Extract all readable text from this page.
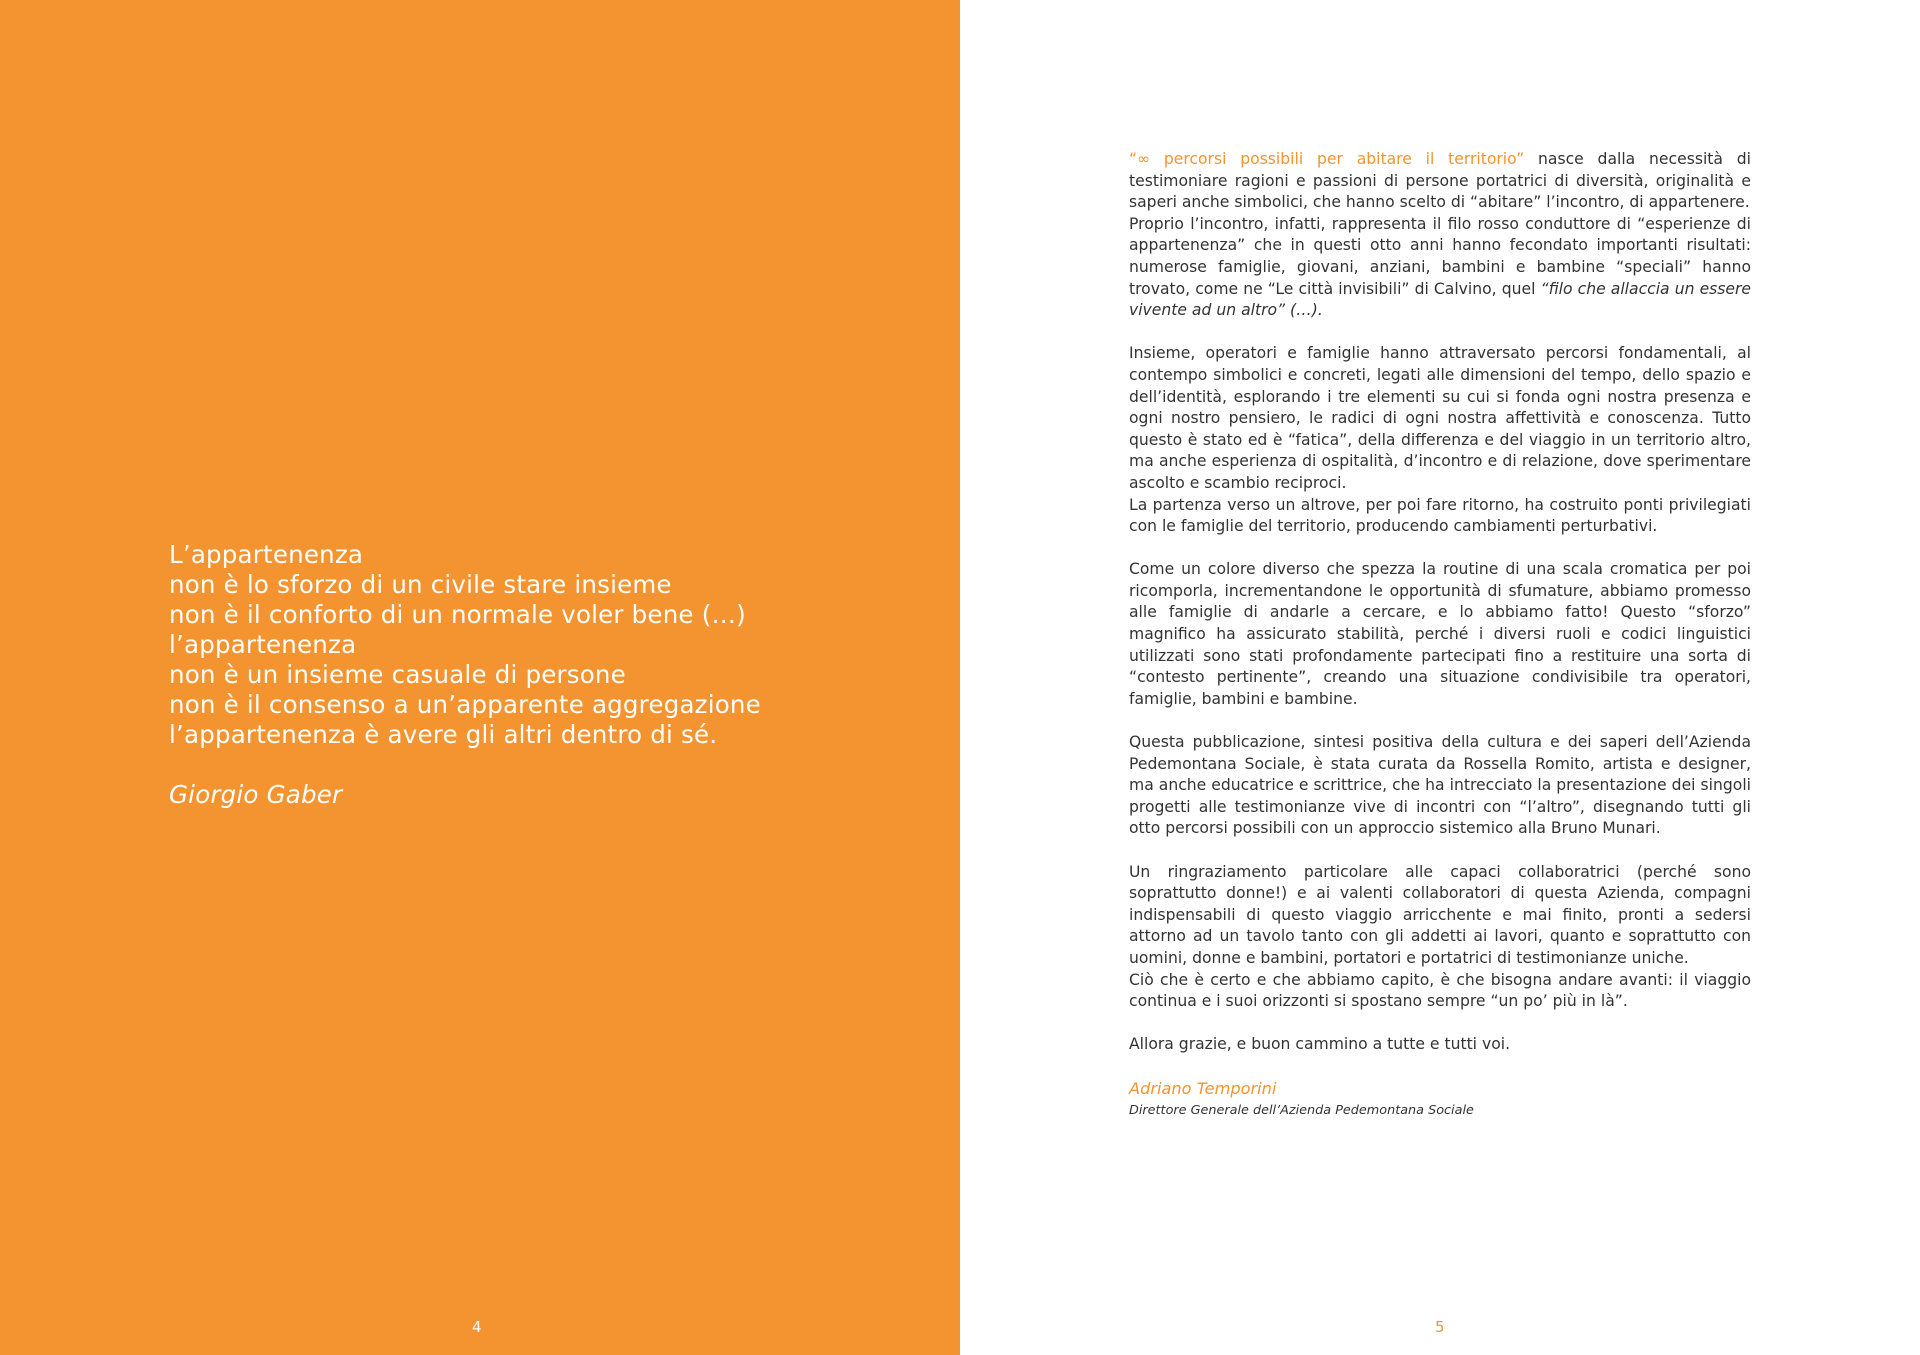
L’appartenenza
non è lo sforzo di un civile stare insieme
non è il conforto di un normale voler bene (…)
l’appartenenza
non è un insieme casuale di persone
non è il consenso a un’apparente aggregazione
l’appartenenza è avere gli altri dentro di sé.
Giorgio Gaber
4	5

“∞ percorsi possibili per abitare il territorio” nasce dalla necessità di testimoniare ragioni e passioni di persone portatrici di diversità, originalità e saperi anche simbolici, che hanno scelto di “abitare” l’incontro, di appartenere.

Proprio l’incontro, infatti, rappresenta il filo rosso conduttore di “esperienze di appartenenza” che in questi otto anni hanno fecondato importanti risultati: numerose famiglie, giovani, anziani, bambini e bambine “speciali” hanno trovato, come ne “Le città invisibili” di Calvino, quel “filo che allaccia un essere vivente ad un altro” (…).

Insieme, operatori e famiglie hanno attraversato percorsi fondamentali, al contempo simbolici e concreti, legati alle dimensioni del tempo, dello spazio e dell’identità, esplorando i tre elementi su cui si fonda ogni nostra presenza e ogni nostro pensiero, le radici di ogni nostra affettività e conoscenza. Tutto questo è stato ed è “fatica”, della differenza e del viaggio in un territorio altro, ma anche esperienza di ospitalità, d’incontro e di relazione, dove sperimentare ascolto e scambio reciproci.

La partenza verso un altrove, per poi fare ritorno, ha costruito ponti privilegiati con le famiglie del territorio, producendo cambiamenti perturbativi.

Come un colore diverso che spezza la routine di una scala cromatica per poi ricomporla, incrementandone le opportunità di sfumature, abbiamo promesso alle famiglie di andarle a cercare, e lo abbiamo fatto! Questo “sforzo” magnifico ha assicurato stabilità, perché i diversi ruoli e codici linguistici utilizzati sono stati profondamente partecipati fino a restituire una sorta di “contesto pertinente”, creando una situazione condivisibile tra operatori, famiglie, bambini e bambine.

Questa pubblicazione, sintesi positiva della cultura e dei saperi dell’Azienda Pedemontana Sociale, è stata curata da Rossella Romito, artista e designer, ma anche educatrice e scrittrice, che ha intrecciato la presentazione dei singoli progetti alle testimonianze vive di incontri con “l’altro”, disegnando tutti gli otto percorsi possibili con un approccio sistemico alla Bruno Munari.

Un ringraziamento particolare alle capaci collaboratrici (perché sono soprattutto donne!) e ai valenti collaboratori di questa Azienda, compagni indispensabili di questo viaggio arricchente e mai finito, pronti a sedersi attorno ad un tavolo tanto con gli addetti ai lavori, quanto e soprattutto con uomini, donne e bambini, portatori e portatrici di testimonianze uniche.

Ciò che è certo e che abbiamo capito, è che bisogna andare avanti: il viaggio continua e i suoi orizzonti si spostano sempre “un po’ più in là”.

Allora grazie, e buon cammino a tutte e tutti voi.

Adriano Temporini
Direttore Generale dell’Azienda Pedemontana Sociale
